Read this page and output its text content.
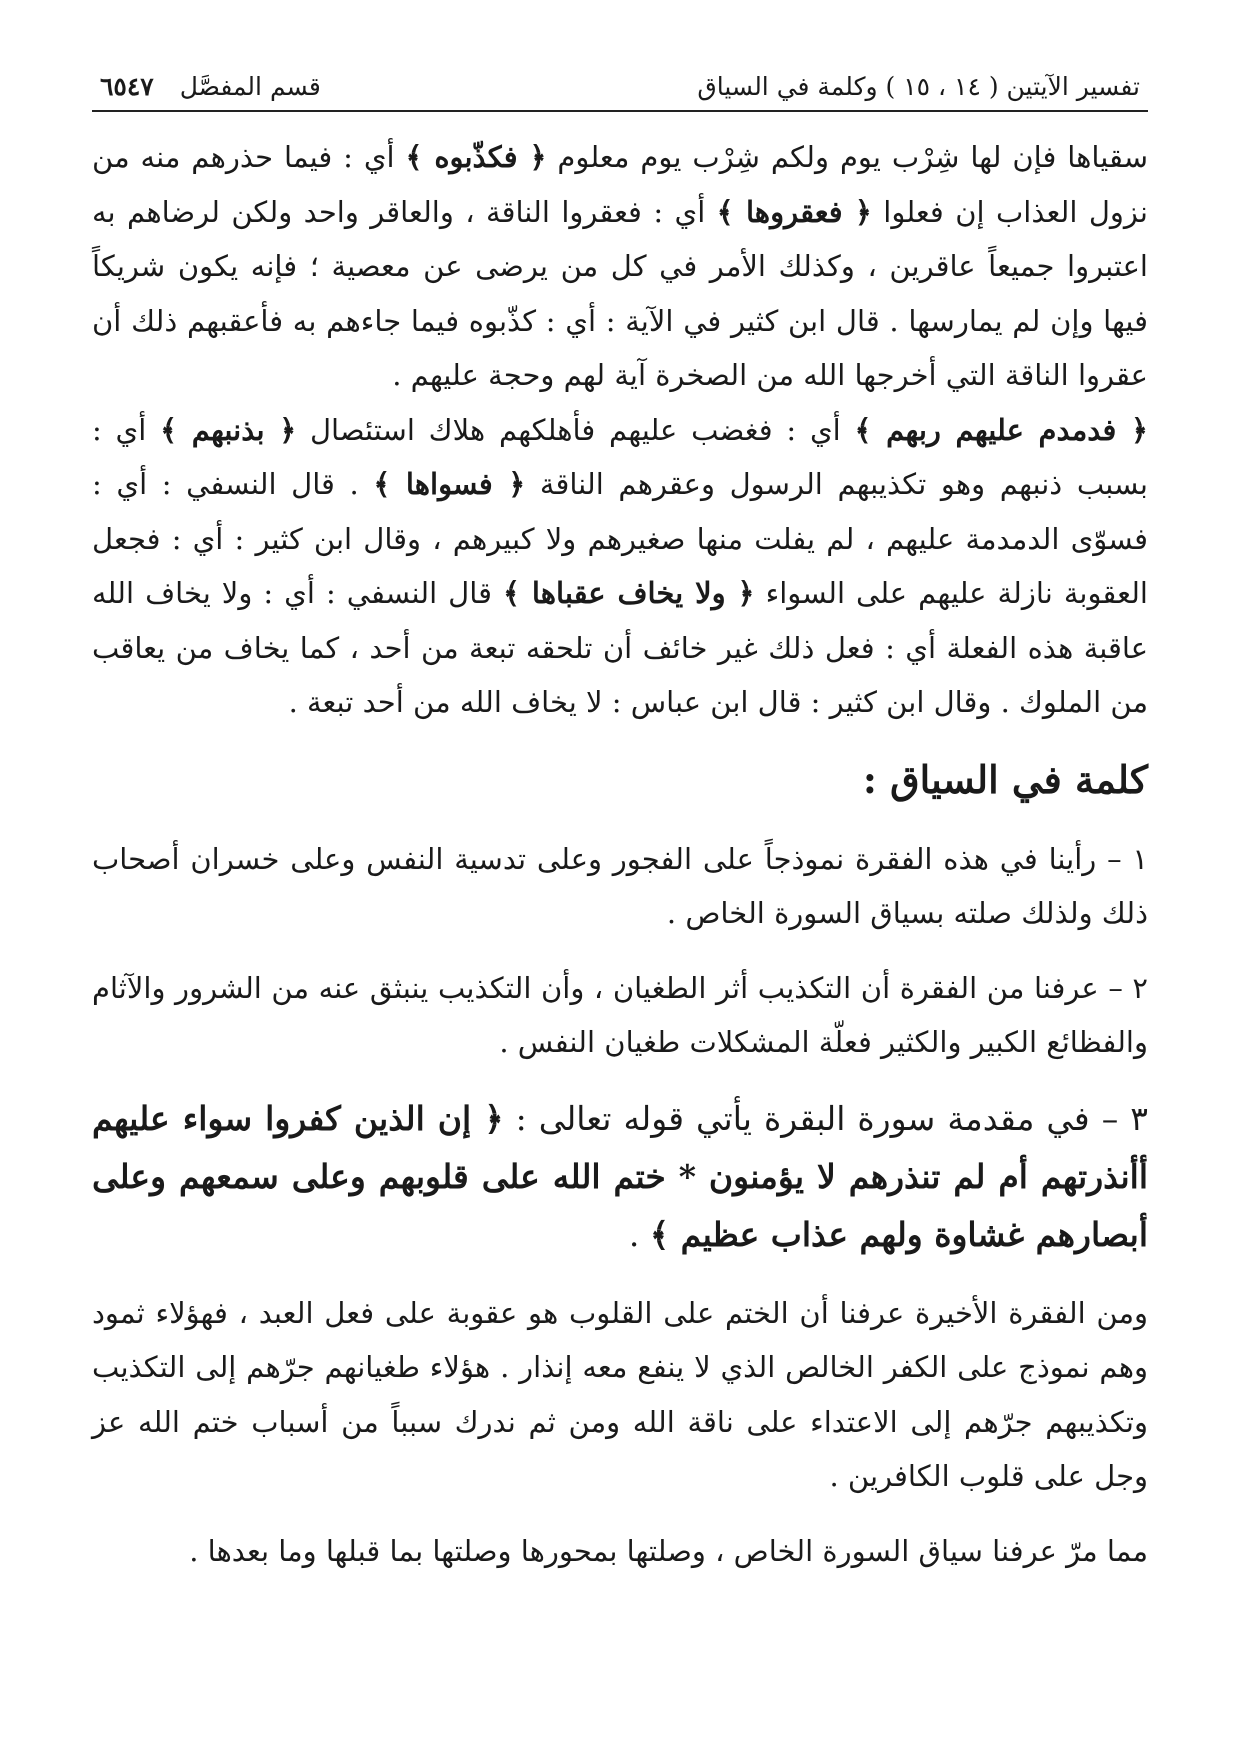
تفسير الآيتين ( ١٤ ، ١٥ ) وكلمة في السياق
قسم المفصَّل
٦٥٤٧

سقياها فإن لها شِرْب يوم ولكم شِرْب يوم معلوم ﴿ فكذّبوه ﴾ أي : فيما حذرهم منه من نزول العذاب إن فعلوا ﴿ فعقروها ﴾ أي : فعقروا الناقة ، والعاقر واحد ولكن لرضاهم به اعتبروا جميعاً عاقرين ، وكذلك الأمر في كل من يرضى عن معصية ؛ فإنه يكون شريكاً فيها وإن لم يمارسها . قال ابن كثير في الآية : أي : كذّبوه فيما جاءهم به فأعقبهم ذلك أن عقروا الناقة التي أخرجها الله من الصخرة آية لهم وحجة عليهم .

﴿ فدمدم عليهم ربهم ﴾ أي : فغضب عليهم فأهلكهم هلاك استئصال ﴿ بذنبهم ﴾ أي : بسبب ذنبهم وهو تكذيبهم الرسول وعقرهم الناقة ﴿ فسواها ﴾ . قال النسفي : أي : فسوّى الدمدمة عليهم ، لم يفلت منها صغيرهم ولا كبيرهم ، وقال ابن كثير : أي : فجعل العقوبة نازلة عليهم على السواء ﴿ ولا يخاف عقباها ﴾ قال النسفي : أي : ولا يخاف الله عاقبة هذه الفعلة أي : فعل ذلك غير خائف أن تلحقه تبعة من أحد ، كما يخاف من يعاقب من الملوك . وقال ابن كثير : قال ابن عباس : لا يخاف الله من أحد تبعة .

كلمة في السياق :

١ – رأينا في هذه الفقرة نموذجاً على الفجور وعلى تدسية النفس وعلى خسران أصحاب ذلك ولذلك صلته بسياق السورة الخاص .

٢ – عرفنا من الفقرة أن التكذيب أثر الطغيان ، وأن التكذيب ينبثق عنه من الشرور والآثام والفظائع الكبير والكثير فعلّة المشكلات طغيان النفس .

٣ – في مقدمة سورة البقرة يأتي قوله تعالى : ﴿ إن الذين كفروا سواء عليهم أأنذرتهم أم لم تنذرهم لا يؤمنون * ختم الله على قلوبهم وعلى سمعهم وعلى أبصارهم غشاوة ولهم عذاب عظيم ﴾ .

ومن الفقرة الأخيرة عرفنا أن الختم على القلوب هو عقوبة على فعل العبد ، فهؤلاء ثمود وهم نموذج على الكفر الخالص الذي لا ينفع معه إنذار . هؤلاء طغيانهم جرّهم إلى التكذيب وتكذيبهم جرّهم إلى الاعتداء على ناقة الله ومن ثم ندرك سبباً من أسباب ختم الله عز وجل على قلوب الكافرين .

مما مرّ عرفنا سياق السورة الخاص ، وصلتها بمحورها وصلتها بما قبلها وما بعدها .
